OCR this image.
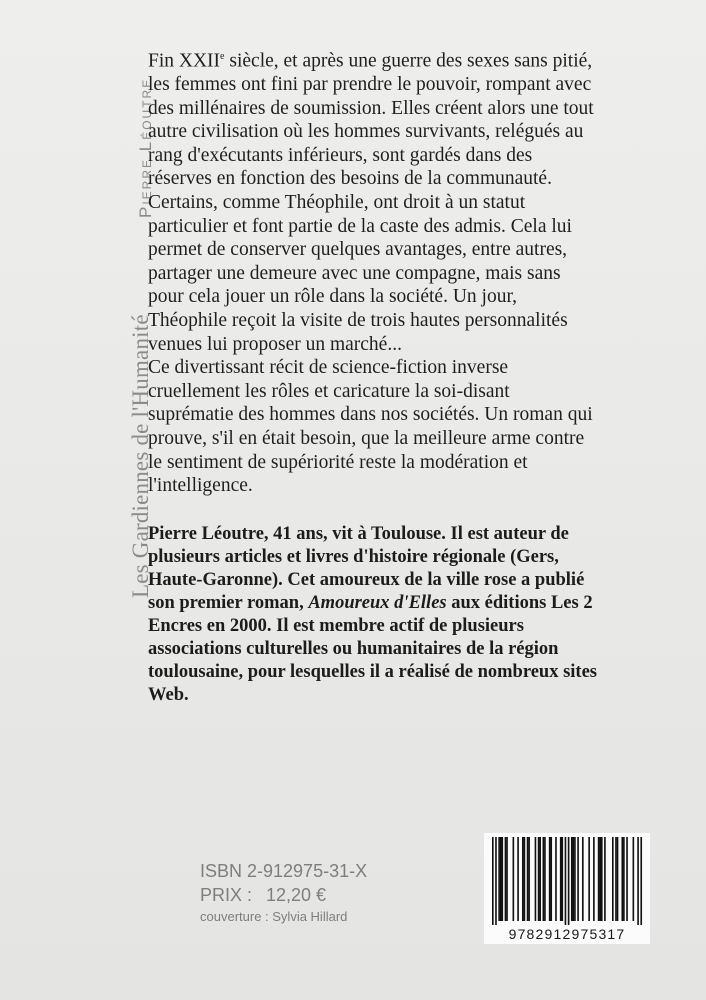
Les Gardiennes de l'Humanité
Pierre Léoutre

Fin XXIIe siècle, et après une guerre des sexes sans pitié, les femmes ont fini par prendre le pouvoir, rompant avec des millénaires de soumission. Elles créent alors une tout autre civilisation où les hommes survivants, relégués au rang d'exécutants inférieurs, sont gardés dans des réserves en fonction des besoins de la communauté. Certains, comme Théophile, ont droit à un statut particulier et font partie de la caste des admis. Cela lui permet de conserver quelques avantages, entre autres, partager une demeure avec une compagne, mais sans pour cela jouer un rôle dans la société. Un jour, Théophile reçoit la visite de trois hautes personnalités venues lui proposer un marché...

Ce divertissant récit de science-fiction inverse cruellement les rôles et caricature la soi-disant suprématie des hommes dans nos sociétés. Un roman qui prouve, s'il en était besoin, que la meilleure arme contre le sentiment de supériorité reste la modération et l'intelligence.

Pierre Léoutre, 41 ans, vit à Toulouse. Il est auteur de plusieurs articles et livres d'histoire régionale (Gers, Haute-Garonne). Cet amoureux de la ville rose a publié son premier roman, Amoureux d'Elles aux éditions Les 2 Encres en 2000. Il est membre actif de plusieurs associations culturelles ou humanitaires de la région toulousaine, pour lesquelles il a réalisé de nombreux sites Web.
ISBN 2-912975-31-X
PRIX : 12,20 €
couverture : Sylvia Hillard
9782912975317
